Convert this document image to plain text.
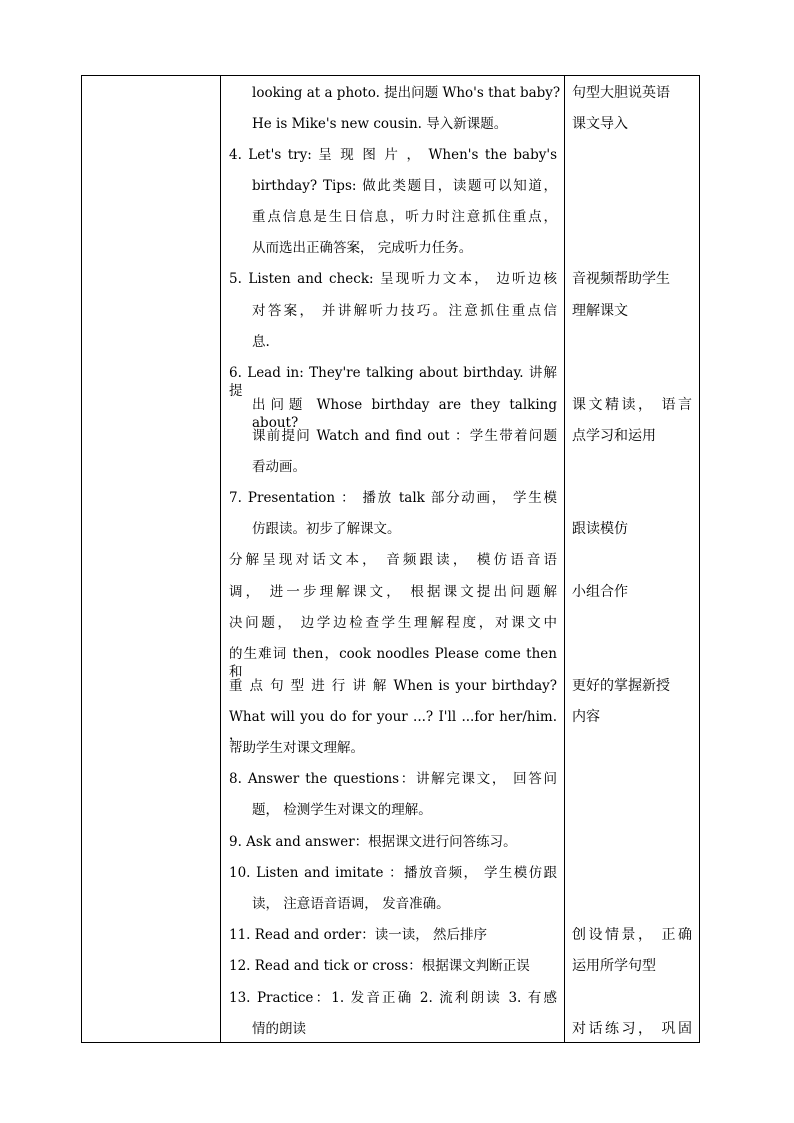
looking at a photo. 提出问题 Who's that baby?
He is Mike's new cousin. 导入新课题。
4. Let's try: 呈 现 图 片 ， When's the baby's
birthday? Tips: 做此类题目，读题可以知道，
重点信息是生日信息，听力时注意抓住重点，
从而选出正确答案， 完成听力任务。
5. Listen and check: 呈现听力文本， 边听边核
对答案， 并讲解听力技巧。注意抓住重点信
息.
6. Lead in: They're talking about birthday. 讲解提
出问题 Whose birthday are they talking about?
课前提问 Watch and find out ：学生带着问题
看动画。
7. Presentation ： 播放 talk 部分动画， 学生模
仿跟读。初步了解课文。
分解呈现对话文本， 音频跟读， 模仿语音语
调， 进一步理解课文， 根据课文提出问题解
决问题， 边学边检查学生理解程度，对课文中
的生难词 then，cook noodles Please come then 和
重 点 句 型 进 行 讲 解 When is your birthday?
What will you do for your ...? I'll ...for her/him. ，
帮助学生对课文理解。
8. Answer the questions：讲解完课文， 回答问
题， 检测学生对课文的理解。
9. Ask and answer：根据课文进行问答练习。
10. Listen and imitate ：播放音频， 学生模仿跟
读， 注意语音语调， 发音准确。
11. Read and order：读一读， 然后排序
12. Read and tick or cross：根据课文判断正误
13. Practice：1. 发音正确 2. 流利朗读 3. 有感
情的朗读
句型大胆说英语
课文导入
音视频帮助学生
理解课文
课文精读， 语言
点学习和运用
跟读模仿
小组合作
更好的掌握新授
内容
创设情景， 正确
运用所学句型
对话练习， 巩固
